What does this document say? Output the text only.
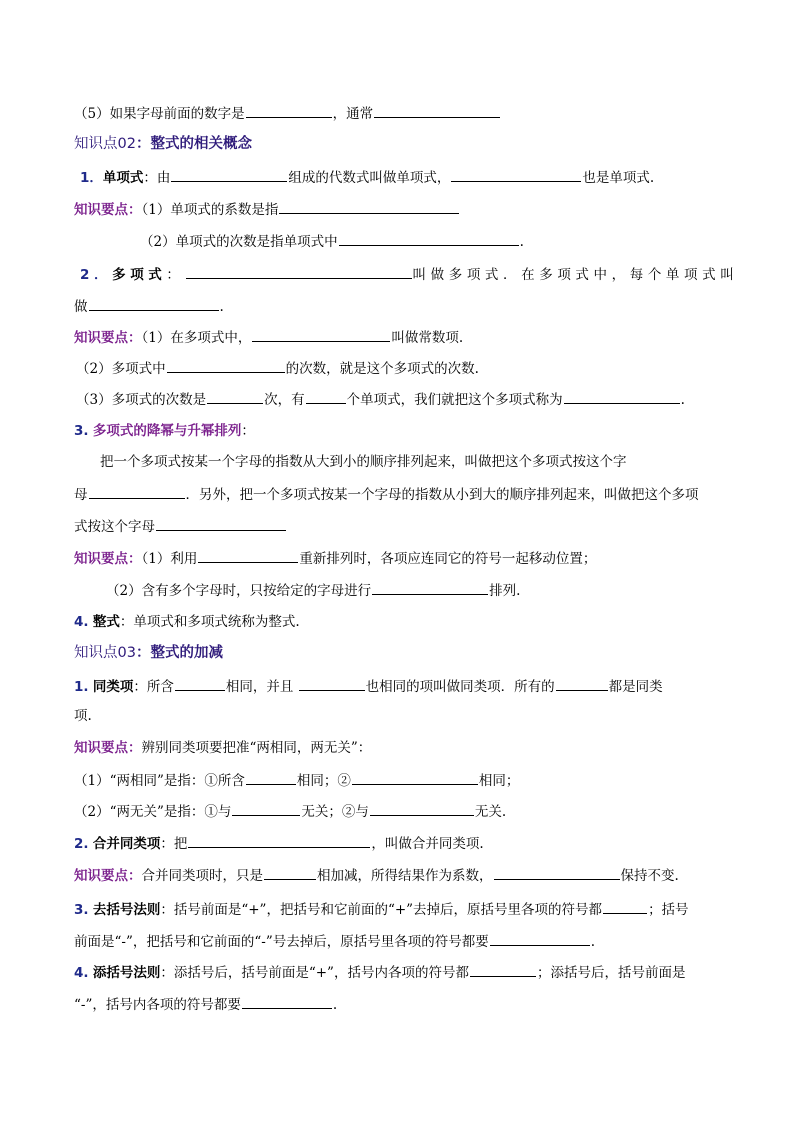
（5）如果字母前面的数字是	，通常
知识点02：整式的相关概念
1．单项式：由	组成的代数式叫做单项式，	也是单项式.
知识要点：（1）单项式的系数是指
（2）单项式的次数是指单项式中	.
2．多项式：	叫做多项式．在多项式中，每个单项式叫
做	.
知识要点：（1）在多项式中，	叫做常数项.
（2）多项式中	的次数，就是这个多项式的次数.
（3）多项式的次数是	次，有	个单项式，我们就把这个多项式称为	.
3. 多项式的降幂与升幂排列：
把一个多项式按某一个字母的指数从大到小的顺序排列起来，叫做把这个多项式按这个字
母	．另外，把一个多项式按某一个字母的指数从小到大的顺序排列起来，叫做把这个多项
式按这个字母
知识要点：（1）利用	重新排列时，各项应连同它的符号一起移动位置；
（2）含有多个字母时，只按给定的字母进行	排列.
4. 整式：单项式和多项式统称为整式.
知识点03：整式的加减
1. 同类项：所含	相同，并且	也相同的项叫做同类项．所有的	都是同类
项.
知识要点：辨别同类项要把准“两相同，两无关”：
（1）“两相同”是指：①所含	相同；②	相同；
（2）“两无关”是指：①与	无关；②与	无关.
2. 合并同类项：把	，叫做合并同类项.
知识要点：合并同类项时，只是	相加减，所得结果作为系数，	保持不变.
3. 去括号法则：括号前面是“+”，把括号和它前面的“+”去掉后，原括号里各项的符号都	；括号
前面是“-”，把括号和它前面的“-”号去掉后，原括号里各项的符号都要	.
4. 添括号法则：添括号后，括号前面是“+”，括号内各项的符号都	；添括号后，括号前面是
“-”，括号内各项的符号都要	.
